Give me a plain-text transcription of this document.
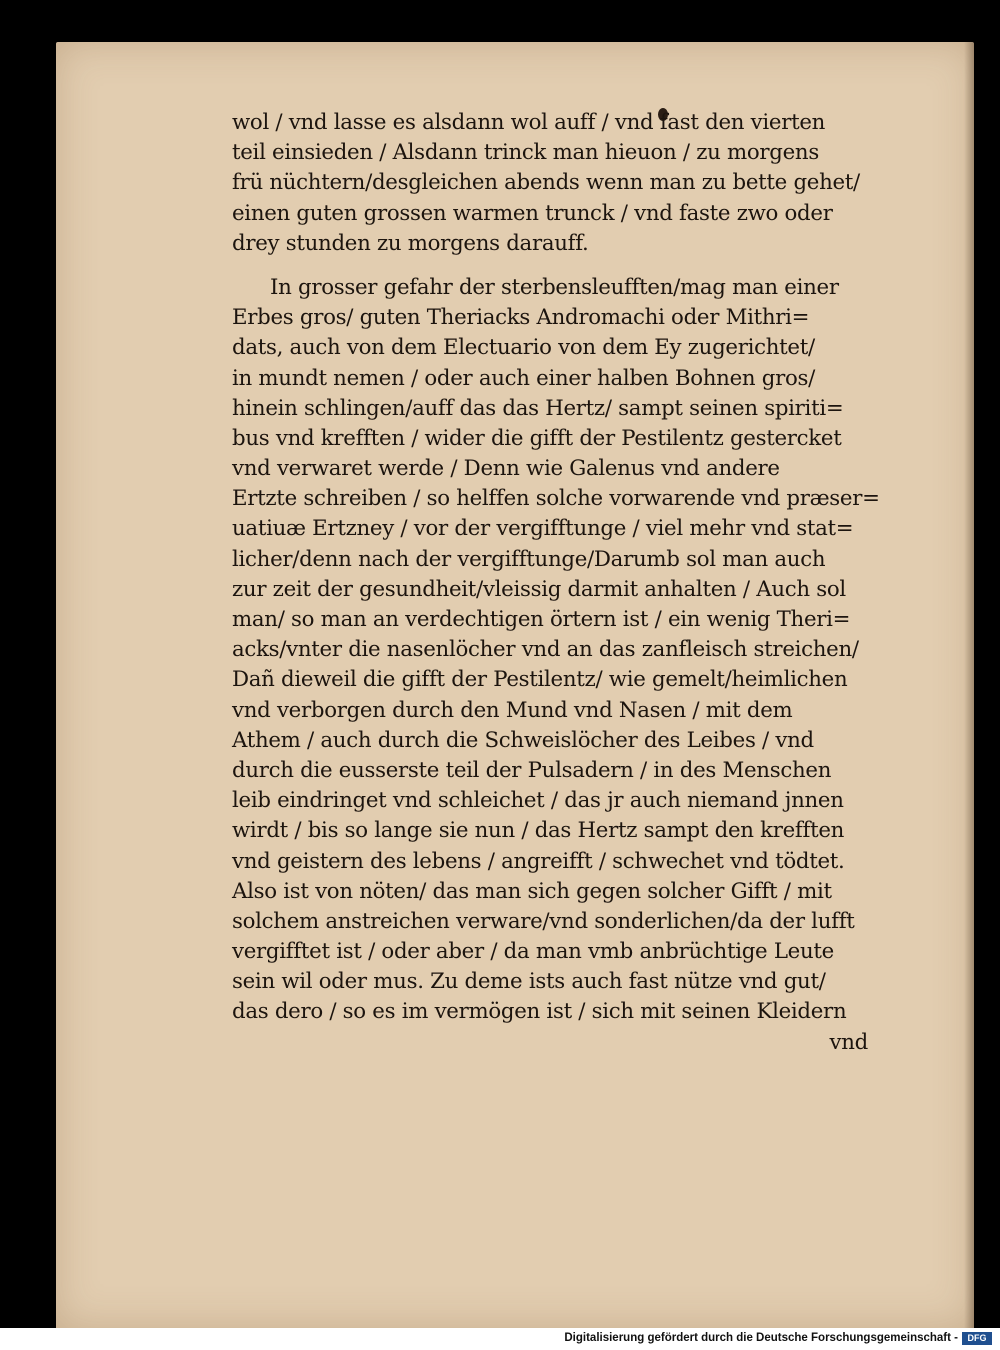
wol / vnd lasse es alsdann wol auff / vnd fast den vierten
teil einsieden / Alsdann trinck man hieuon / zu morgens
frü nüchtern/desgleichen abends wenn man zu bette gehet/
einen guten grossen warmen trunck / vnd faste zwo oder
drey stunden zu morgens darauff.
In grosser gefahr der sterbensleufften/mag man einer
Erbes gros/ guten Theriacks Andromachi oder Mithri=
dats, auch von dem Electuario von dem Ey zugerichtet/
in mundt nemen / oder auch einer halben Bohnen gros/
hinein schlingen/auff das das Hertz/ sampt seinen spiriti=
bus vnd krefften / wider die gifft der Pestilentz gestercket
vnd verwaret werde / Denn wie Galenus vnd andere
Ertzte schreiben / so helffen solche vorwarende vnd præser=
uatiuæ Ertzney / vor der vergifftunge / viel mehr vnd stat=
licher/denn nach der vergifftunge/Darumb sol man auch
zur zeit der gesundheit/vleissig darmit anhalten / Auch sol
man/ so man an verdechtigen örtern ist / ein wenig Theri=
acks/vnter die nasenlöcher vnd an das zanfleisch streichen/
Dañ dieweil die gifft der Pestilentz/ wie gemelt/heimlichen
vnd verborgen durch den Mund vnd Nasen / mit dem
Athem / auch durch die Schweislöcher des Leibes / vnd
durch die eusserste teil der Pulsadern / in des Menschen
leib eindringet vnd schleichet / das jr auch niemand jnnen
wirdt / bis so lange sie nun / das Hertz sampt den krefften
vnd geistern des lebens / angreifft / schwechet vnd tödtet.
Also ist von nöten/ das man sich gegen solcher Gifft / mit
solchem anstreichen verware/vnd sonderlichen/da der lufft
vergifftet ist / oder aber / da man vmb anbrüchtige Leute
sein wil oder mus. Zu deme ists auch fast nütze vnd gut/
das dero / so es im vermögen ist / sich mit seinen Kleidern
vnd
Digitalisierung gefördert durch die Deutsche Forschungsgemeinschaft -	DFG
